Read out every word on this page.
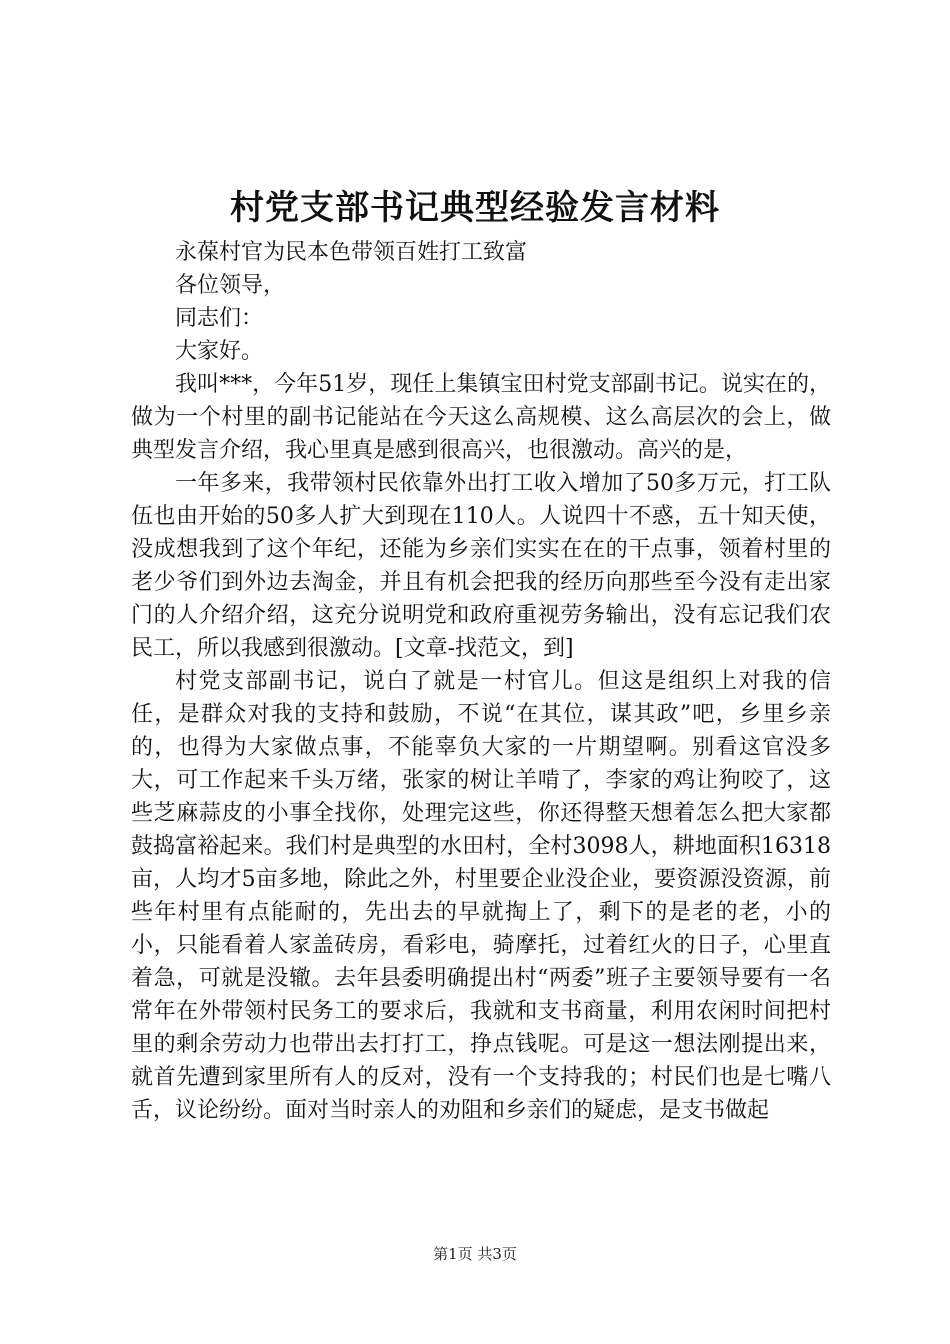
村党支部书记典型经验发言材料

永葆村官为民本色带领百姓打工致富

各位领导，

同志们：

大家好。

我叫***，今年51岁，现任上集镇宝田村党支部副书记。说实在的，做为一个村里的副书记能站在今天这么高规模、这么高层次的会上，做典型发言介绍，我心里真是感到很高兴，也很激动。高兴的是，

一年多来，我带领村民依靠外出打工收入增加了50多万元，打工队伍也由开始的50多人扩大到现在110人。人说四十不惑，五十知天使，没成想我到了这个年纪，还能为乡亲们实实在在的干点事，领着村里的老少爷们到外边去淘金，并且有机会把我的经历向那些至今没有走出家门的人介绍介绍，这充分说明党和政府重视劳务输出，没有忘记我们农民工，所以我感到很激动。[文章-找范文，到]

村党支部副书记，说白了就是一村官儿。但这是组织上对我的信任，是群众对我的支持和鼓励，不说“在其位，谋其政”吧，乡里乡亲的，也得为大家做点事，不能辜负大家的一片期望啊。别看这官没多大，可工作起来千头万绪，张家的树让羊啃了，李家的鸡让狗咬了，这些芝麻蒜皮的小事全找你，处理完这些，你还得整天想着怎么把大家都鼓捣富裕起来。我们村是典型的水田村，全村3098人，耕地面积16318亩，人均才5亩多地，除此之外，村里要企业没企业，要资源没资源，前些年村里有点能耐的，先出去的早就掏上了，剩下的是老的老，小的小，只能看着人家盖砖房，看彩电，骑摩托，过着红火的日子，心里直着急，可就是没辙。去年县委明确提出村“两委”班子主要领导要有一名常年在外带领村民务工的要求后，我就和支书商量，利用农闲时间把村里的剩余劳动力也带出去打打工，挣点钱呢。可是这一想法刚提出来，就首先遭到家里所有人的反对，没有一个支持我的；村民们也是七嘴八舌，议论纷纷。面对当时亲人的劝阻和乡亲们的疑虑，是支书做起

第1页 共3页
